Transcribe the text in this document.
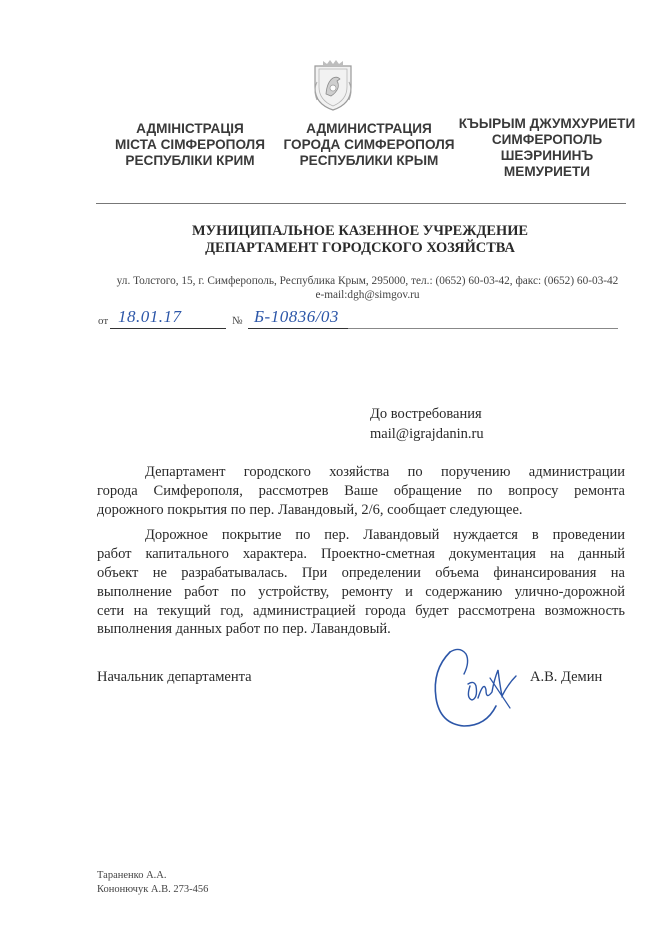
АДМІНІСТРАЦІЯ
МІСТА СІМФЕРОПОЛЯ
РЕСПУБЛІКИ КРИМ
АДМИНИСТРАЦИЯ
ГОРОДА СИМФЕРОПОЛЯ
РЕСПУБЛИКИ КРЫМ
КЪЫРЫМ ДЖУМХУРИЕТИ
СИМФЕРОПОЛЬ
ШЕЭРИНИНЪ
МЕМУРИЕТИ
МУНИЦИПАЛЬНОЕ КАЗЕННОЕ УЧРЕЖДЕНИЕ
ДЕПАРТАМЕНТ ГОРОДСКОГО ХОЗЯЙСТВА
ул. Толстого, 15, г. Симферополь, Республика Крым, 295000, тел.: (0652) 60-03-42, факс: (0652) 60-03-42
e-mail:dgh@simgov.ru
от 18.01.17	№ Б-10836/03
До востребования
mail@igrajdanin.ru
Департамент городского хозяйства по поручению администрации
города Симферополя, рассмотрев Ваше обращение по вопросу ремонта
дорожного покрытия по пер. Лавандовый, 2/6, сообщает следующее.
Дорожное покрытие по пер. Лавандовый нуждается в проведении
работ капитального характера. Проектно-сметная документация на данный
объект не разрабатывалась. При определении объема финансирования на
выполнение работ по устройству, ремонту и содержанию улично-дорожной
сети на текущий год, администрацией города будет рассмотрена возможность
выполнения данных работ по пер. Лавандовый.
Начальник департамента	А.В. Демин
Тараненко А.А.
Кононючук А.В. 273-456
